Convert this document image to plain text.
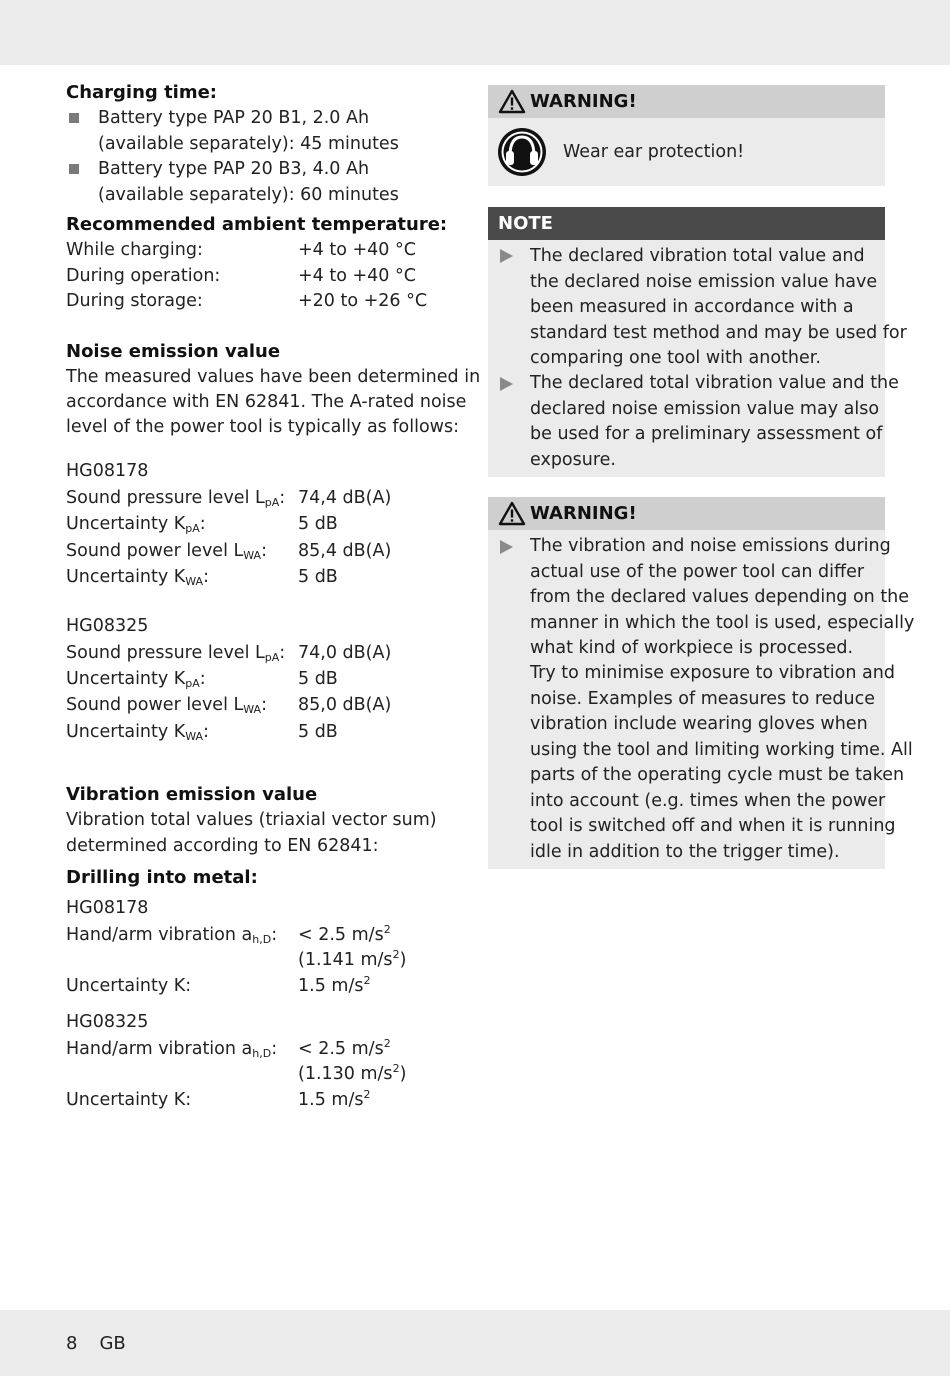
Charging time:
Battery type PAP 20 B1, 2.0 Ah
(available separately): 45 minutes
Battery type PAP 20 B3, 4.0 Ah
(available separately): 60 minutes
Recommended ambient temperature:
While charging:	+4 to +40 °C
During operation:	+4 to +40 °C
During storage:	+20 to +26 °C
Noise emission value
The measured values have been determined in
accordance with EN 62841. The A-rated noise
level of the power tool is typically as follows:
HG08178
Sound pressure level $L_{pA}$: 74,4 dB(A)
Uncertainty $K_{pA}$:	5 dB
Sound power level $L_{WA}$: 85,4 dB(A)
Uncertainty $K_{WA}$:	5 dB
HG08325
Sound pressure level $L_{pA}$: 74,0 dB(A)
Uncertainty $K_{pA}$:	5 dB
Sound power level $L_{WA}$: 85,0 dB(A)
Uncertainty $K_{WA}$:	5 dB
Vibration emission value
Vibration total values (triaxial vector sum)
determined according to EN 62841:
Drilling into metal:
HG08178
Hand/arm vibration $a_{h,D}$: < 2.5 $m/s^2$
(1.141 $m/s^2$)
Uncertainty K:	1.5 $m/s^2$
HG08325
Hand/arm vibration $a_{h,D}$: < 2.5 $m/s^2$
(1.130 $m/s^2$)
Uncertainty K:	1.5 $m/s^2$
WARNING!
Wear ear protection!
NOTE
The declared vibration total value and
the declared noise emission value have
been measured in accordance with a
standard test method and may be used for
comparing one tool with another.
The declared total vibration value and the
declared noise emission value may also
be used for a preliminary assessment of
exposure.
WARNING!
The vibration and noise emissions during
actual use of the power tool can differ
from the declared values depending on the
manner in which the tool is used, especially
what kind of workpiece is processed.
Try to minimise exposure to vibration and
noise. Examples of measures to reduce
vibration include wearing gloves when
using the tool and limiting working time. All
parts of the operating cycle must be taken
into account (e.g. times when the power
tool is switched off and when it is running
idle in addition to the trigger time).
8 GB
